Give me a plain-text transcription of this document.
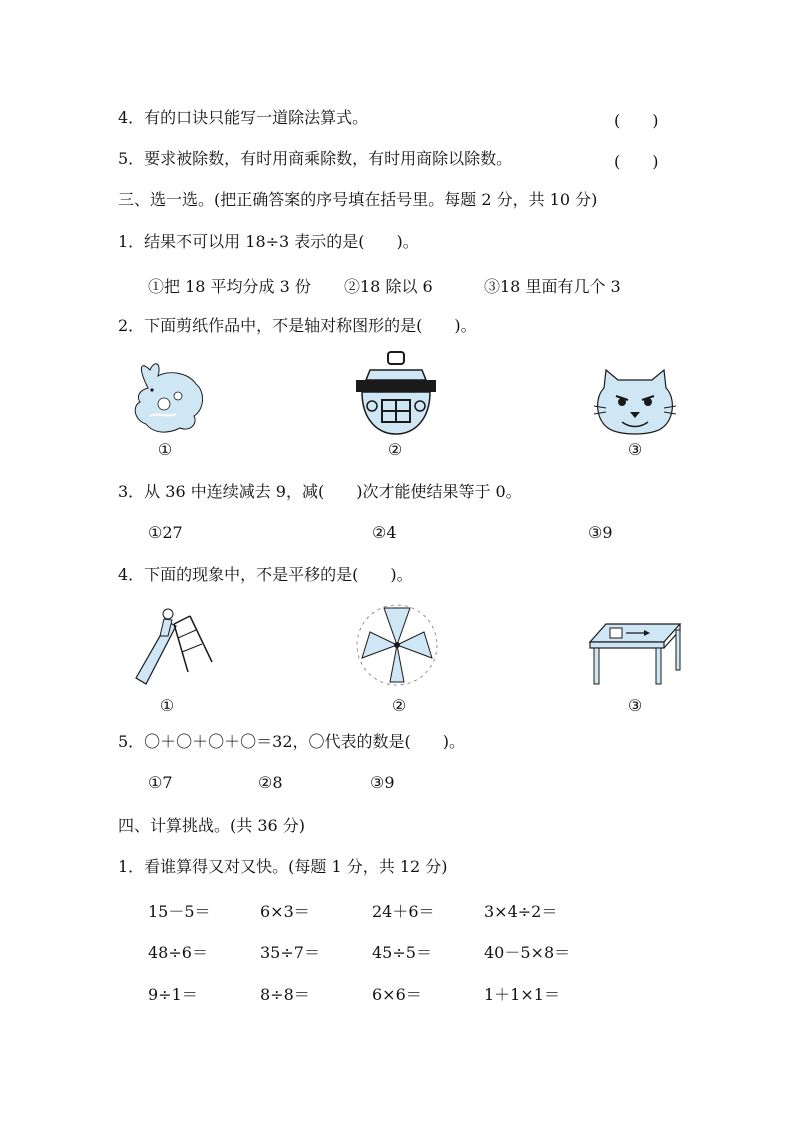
4．有的口诀只能写一道除法算式。	(　　)
5．要求被除数，有时用商乘除数，有时用商除以除数。	(　　)
三、选一选。(把正确答案的序号填在括号里。每题 2 分，共 10 分)
1．结果不可以用 18÷3 表示的是(　　)。
①把 18 平均分成 3 份 ②18 除以 6	③18 里面有几个 3
2．下面剪纸作品中，不是轴对称图形的是(　　)。
①	②	③
3．从 36 中连续减去 9，减(　　)次才能使结果等于 0。
①27	②4	③9
4．下面的现象中，不是平移的是(　　)。
①	②	③
5．〇＋〇＋〇＋〇＝32，〇代表的数是(　　)。
①7	②8	③9
四、计算挑战。(共 36 分)
1．看谁算得又对又快。(每题 1 分，共 12 分)
15－5＝	6×3＝	24＋6＝	3×4÷2＝
48÷6＝	35÷7＝	45÷5＝	40－5×8＝
9÷1＝	8÷8＝	6×6＝	1＋1×1＝
